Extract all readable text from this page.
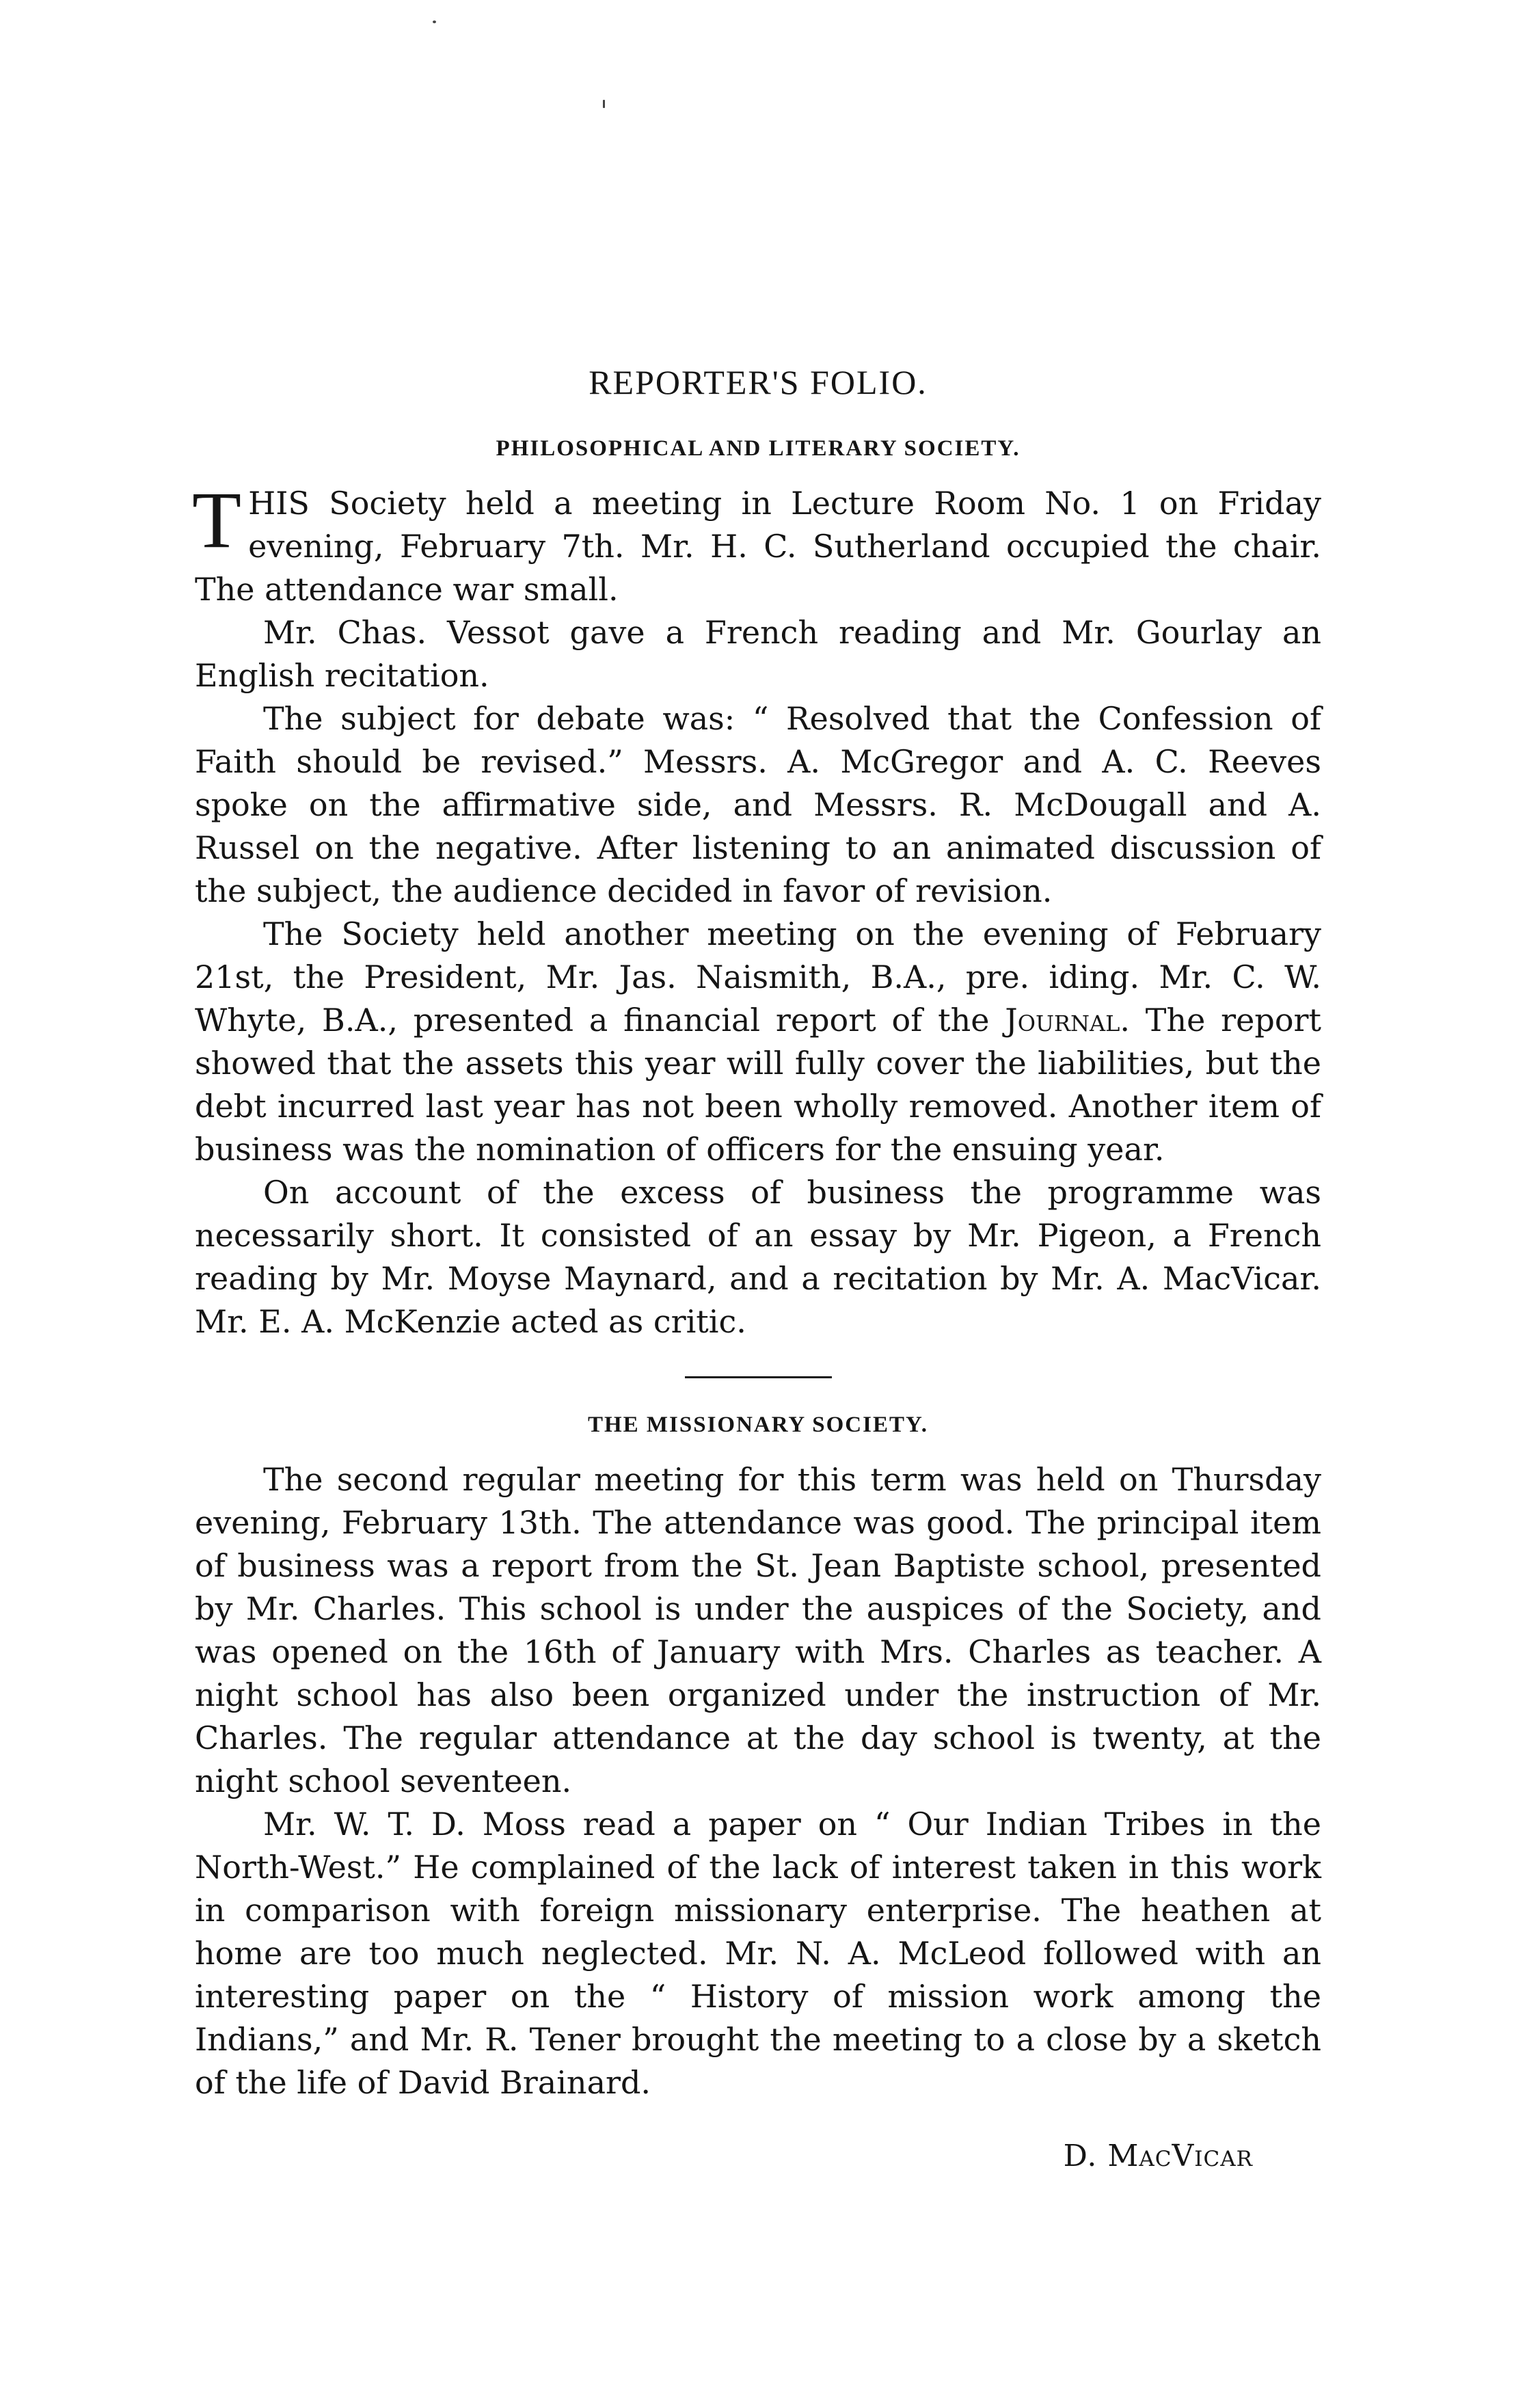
REPORTER'S FOLIO.
PHILOSOPHICAL AND LITERARY SOCIETY.
T HIS Society held a meeting in Lecture Room No. 1 on Friday evening, February 7th. Mr. H. C. Sutherland occupied the chair. The attendance war small.

Mr. Chas. Vessot gave a French reading and Mr. Gourlay an English recitation.

The subject for debate was: “ Resolved that the Confession of Faith should be revised.” Messrs. A. McGregor and A. C. Reeves spoke on the affirmative side, and Messrs. R. McDougall and A. Russel on the negative. After listening to an animated discussion of the subject, the audience decided in favor of revision.

The Society held another meeting on the evening of February 21st, the President, Mr. Jas. Naismith, B.A., pre. iding. Mr. C. W. Whyte, B.A., presented a financial report of the Journal. The report showed that the assets this year will fully cover the liabilities, but the debt incurred last year has not been wholly removed. Another item of business was the nomination of officers for the ensuing year.

On account of the excess of business the programme was necessarily short. It consisted of an essay by Mr. Pigeon, a French reading by Mr. Moyse Maynard, and a recitation by Mr. A. MacVicar. Mr. E. A. McKenzie acted as critic.

THE MISSIONARY SOCIETY.

The second regular meeting for this term was held on Thursday evening, February 13th. The attendance was good. The principal item of business was a report from the St. Jean Baptiste school, presented by Mr. Charles. This school is under the auspices of the Society, and was opened on the 16th of January with Mrs. Charles as teacher. A night school has also been organized under the instruction of Mr. Charles. The regular attendance at the day school is twenty, at the night school seventeen.

Mr. W. T. D. Moss read a paper on “ Our Indian Tribes in the North-West.” He complained of the lack of interest taken in this work in comparison with foreign missionary enterprise. The heathen at home are too much neglected. Mr. N. A. McLeod followed with an interesting paper on the “ History of mission work among the Indians,” and Mr. R. Tener brought the meeting to a close by a sketch of the life of David Brainard.

D. MacVicar
